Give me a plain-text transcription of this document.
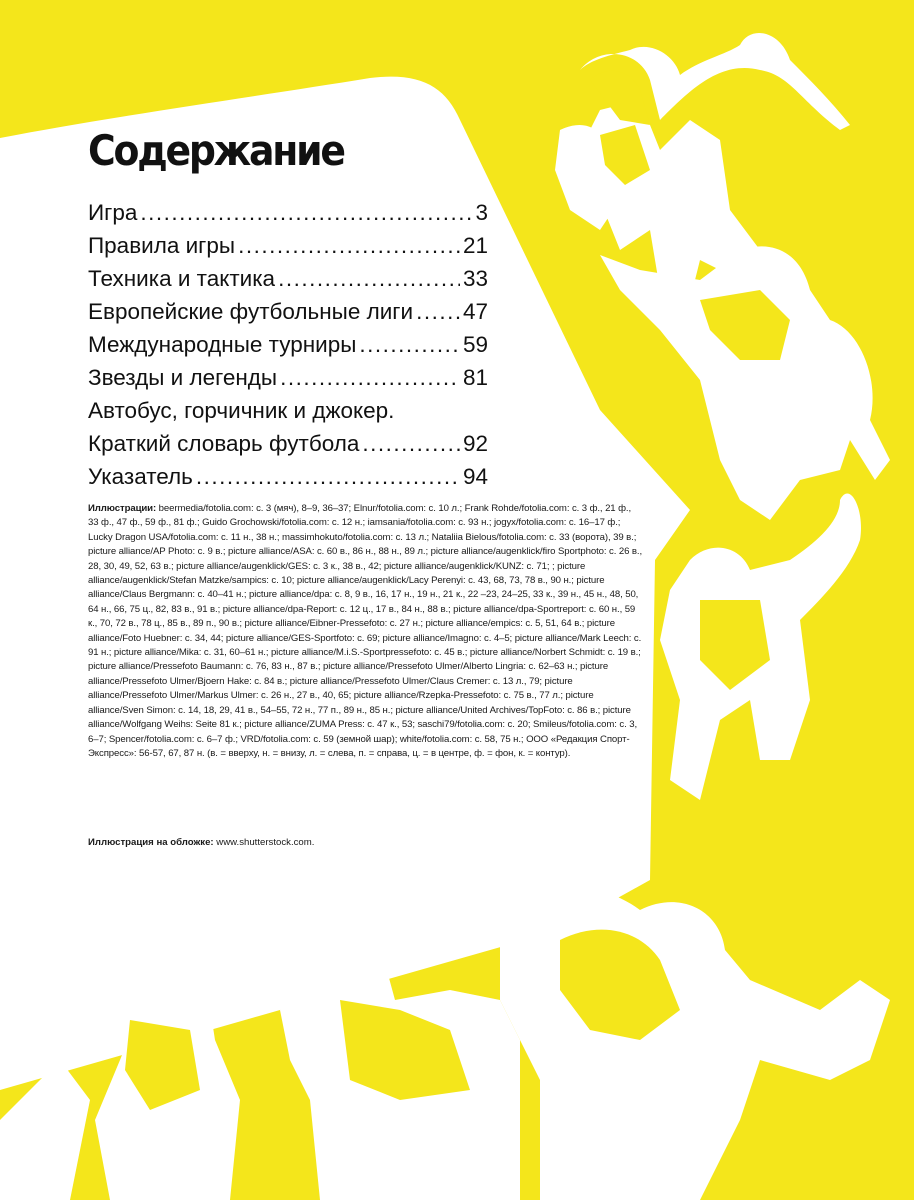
Содержание
Игра .....	3
Правила игры .....	21
Техника и тактика .....	33
Европейские футбольные лиги ..... 47
Международные турниры .....	59
Звезды и легенды .....	81
Автобус, горчичник и джокер.
Краткий словарь футбола .....	92
Указатель .....	94

Иллюстрации: beermedia/fotolia.com: с. 3 (мяч), 8–9, 36–37; Elnur/fotolia.com: с. 10 л.; Frank Rohde/fotolia.com: с. 3 ф., 21 ф., 33 ф., 47 ф., 59 ф., 81 ф.; Guido Grochowski/fotolia.com: с. 12 н.; iamsania/fotolia.com: с. 93 н.; jogyx/fotolia.com: с. 16–17 ф.; Lucky Dragon USA/fotolia.com: с. 11 н., 38 н.; massimhokuto/fotolia.com: с. 13 л.; Nataliia Bielous/fotolia.com: с. 33 (ворота), 39 в.; picture alliance/AP Photo: с. 9 в.; picture alliance/ASA: с. 60 в., 86 н., 88 н., 89 л.; picture alliance/augenklick/firo Sportphoto: с. 26 в., 28, 30, 49, 52, 63 в.; picture alliance/augenklick/GES: с. 3 к., 38 в., 42; picture alliance/augenklick/KUNZ: с. 71; ; picture alliance/augenklick/Stefan Matzke/sampics: с. 10; picture alliance/augenklick/Lacy Perenyi: с. 43, 68, 73, 78 в., 90 н.; picture alliance/Claus Bergmann: с. 40–41 н.; picture alliance/dpa: с. 8, 9 в., 16, 17 н., 19 н., 21 к., 22 –23, 24–25, 33 к., 39 н., 45 н., 48, 50, 64 н., 66, 75 ц., 82, 83 в., 91 в.; picture alliance/dpa-Report: с. 12 ц., 17 в., 84 н., 88 в.; picture alliance/dpa-Sportreport: с. 60 н., 59 к., 70, 72 в., 78 ц., 85 в., 89 п., 90 в.; picture alliance/Eibner-Pressefoto: с. 27 н.; picture alliance/empics: с. 5, 51, 64 в.; picture alliance/Foto Huebner: с. 34, 44; picture alliance/GES-Sportfoto: с. 69; picture alliance/Imagno: с. 4–5; picture alliance/Mark Leech: с. 91 н.; picture alliance/Mika: с. 31, 60–61 н.; picture alliance/M.i.S.-Sportpressefoto: с. 45 в.; picture alliance/Norbert Schmidt: с. 19 в.; picture alliance/Pressefoto Baumann: с. 76, 83 н., 87 в.; picture alliance/Pressefoto Ulmer/Alberto Lingria: с. 62–63 н.; picture alliance/Pressefoto Ulmer/Bjoern Hake: с. 84 в.; picture alliance/Pressefoto Ulmer/Claus Cremer: с. 13 л., 79; picture alliance/Pressefoto Ulmer/Markus Ulmer: с. 26 н., 27 в., 40, 65; picture alliance/Rzepka-Pressefoto: с. 75 в., 77 л.; picture alliance/Sven Simon: с. 14, 18, 29, 41 в., 54–55, 72 н., 77 п., 89 н., 85 н.; picture alliance/United Archives/TopFoto: с. 86 в.; picture alliance/Wolfgang Weihs: Seite 81 к.; picture alliance/ZUMA Press: с. 47 к., 53; saschi79/fotolia.com: с. 20; Smileus/fotolia.com: с. 3, 6–7; Spencer/fotolia.com: с. 6–7 ф.; VRD/fotolia.com: с. 59 (земной шар); white/fotolia.com: с. 58, 75 н.; ООО «Редакция Спорт-Экспресс»: 56-57, 67, 87 н. (в. = вверху, н. = внизу, л. = слева, п. = справа, ц. = в центре, ф. = фон, к. = контур).

Иллюстрация на обложке: www.shutterstock.com.
